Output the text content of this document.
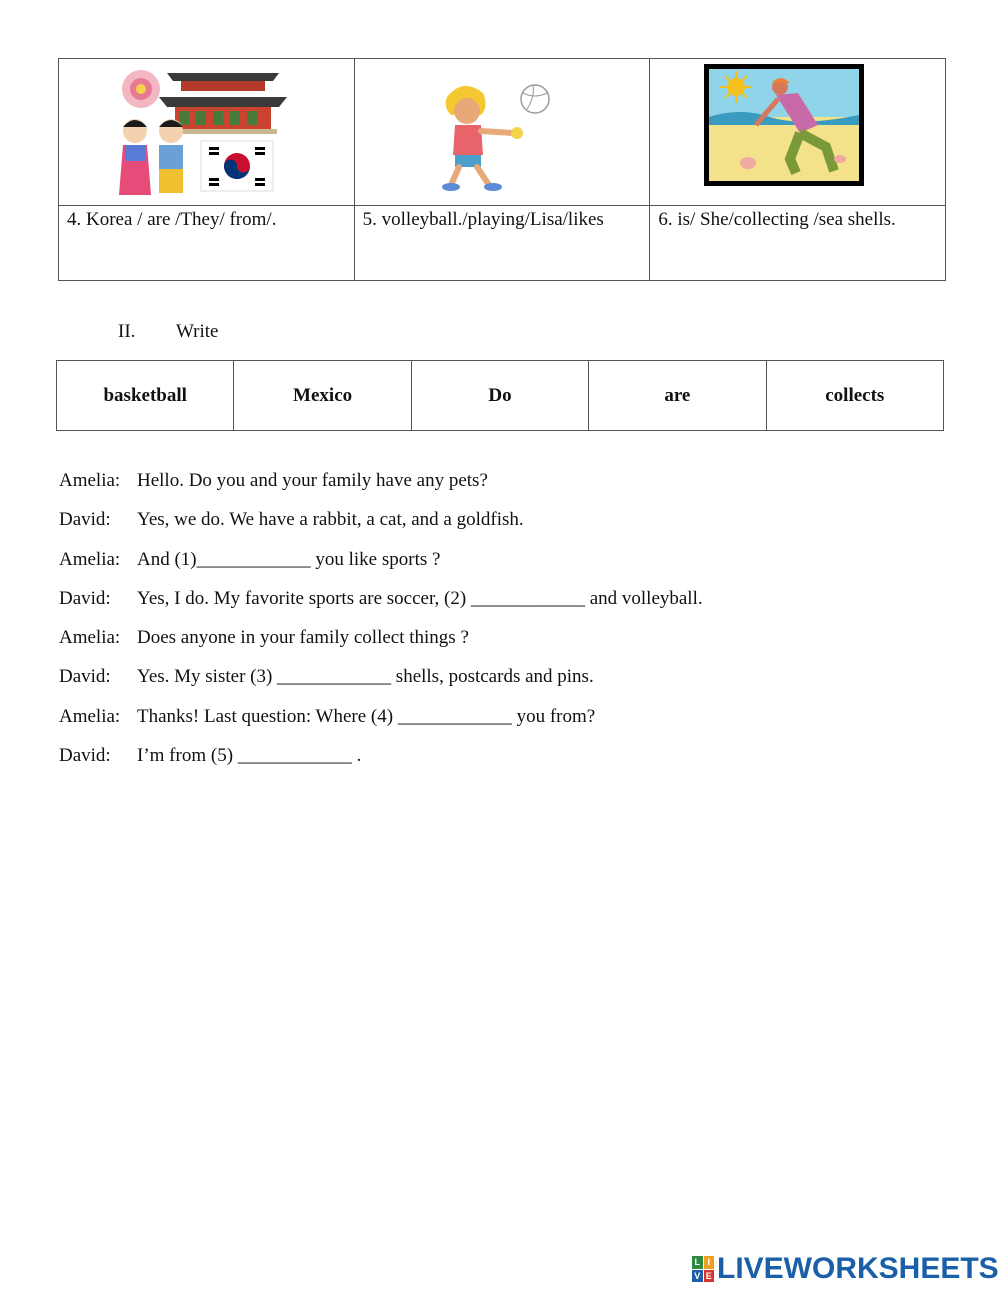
4. Korea / are /They/ from/.	5. volleyball./playing/Lisa/likes	6. is/ She/collecting /sea shells.
II. Write
basketball	Mexico	Do	are	collects
Amelia: Hello. Do you and your family have any pets?
David: Yes, we do. We have a rabbit, a cat, and a goldfish.
Amelia: And (1)____________ you like sports ?
David: Yes, I do. My favorite sports are soccer, (2) ____________ and volleyball.
Amelia: Does anyone in your family collect things ?
David: Yes. My sister (3) ____________ shells, postcards and pins.
Amelia: Thanks! Last question: Where (4) ____________ you from?
David: I’m from (5) ____________ .
L I
V E LIVEWORKSHEETS
